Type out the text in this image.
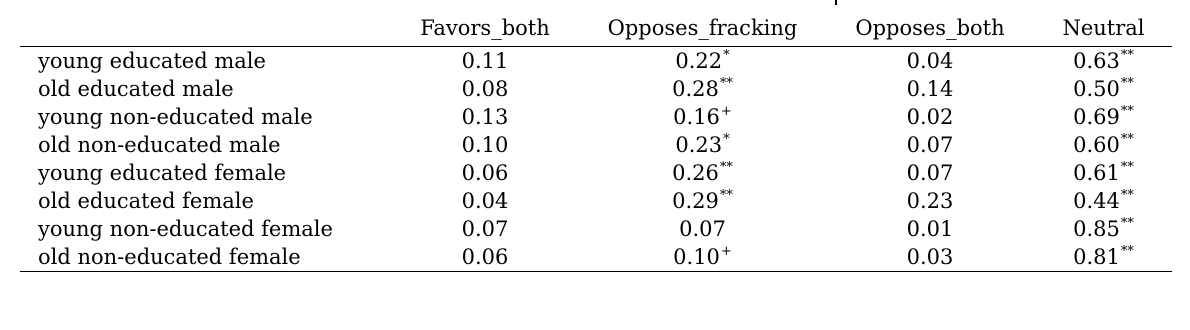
	Favors_both	Opposes_fracking	Opposes_both	Neutral
young educated male	0.11	0.22*	0.04	0.63**
old educated male	0.08	0.28**	0.14	0.50**
young non-educated male	0.13	0.16+	0.02	0.69**
old non-educated male	0.10	0.23*	0.07	0.60**
young educated female	0.06	0.26**	0.07	0.61**
old educated female	0.04	0.29**	0.23	0.44**
young non-educated female	0.07	0.07	0.01	0.85**
old non-educated female	0.06	0.10+	0.03	0.81**
